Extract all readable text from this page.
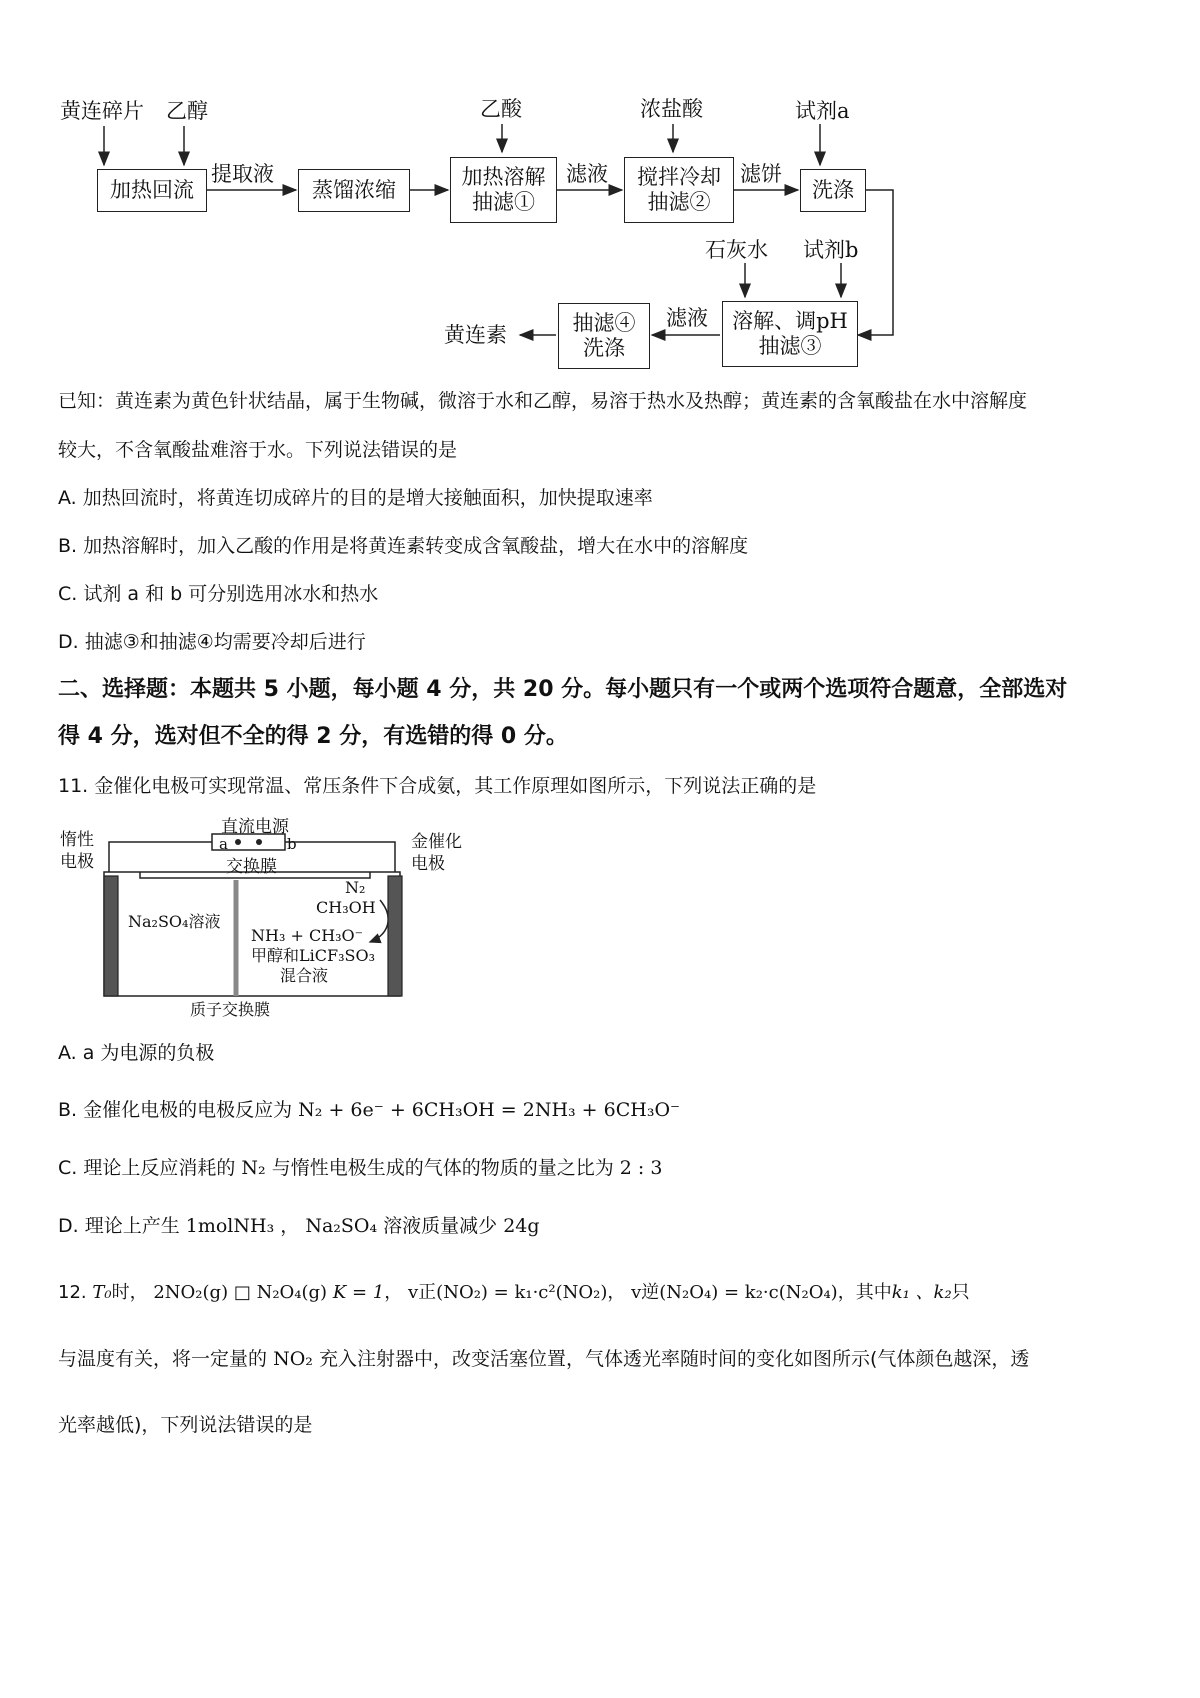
黄连碎片 乙醇	乙酸	浓盐酸	试剂a
加热回流
提取液
蒸馏浓缩
加热溶解
抽滤①
滤液 搅拌冷却
抽滤②
滤饼
洗涤
石灰水 试剂b
溶解、调pH
抽滤③
滤液
抽滤④
洗涤
黄连素
已知：黄连素为黄色针状结晶，属于生物碱，微溶于水和乙醇，易溶于热水及热醇；黄连素的含氧酸盐在水中溶解度
较大，不含氧酸盐难溶于水。下列说法错误的是
A. 加热回流时，将黄连切成碎片的目的是增大接触面积，加快提取速率
B. 加热溶解时，加入乙酸的作用是将黄连素转变成含氧酸盐，增大在水中的溶解度
C. 试剂 a 和 b 可分别选用冰水和热水
D. 抽滤③和抽滤④均需要冷却后进行
二、选择题：本题共 5 小题，每小题 4 分，共 20 分。每小题只有一个或两个选项符合题意，全部选对
得 4 分，选对但不全的得 2 分，有选错的得 0 分。
11. 金催化电极可实现常温、常压条件下合成氨，其工作原理如图所示，下列说法正确的是
直流电源
a	b
惰性
电极
金催化
电极
交换膜
Na₂SO₄溶液
N₂
CH₃OH
NH₃ + CH₃O⁻
甲醇和LiCF₃SO₃
混合液
质子交换膜
A. a 为电源的负极
B. 金催化电极的电极反应为 N₂ + 6e⁻ + 6CH₃OH = 2NH₃ + 6CH₃O⁻
C. 理论上反应消耗的 N₂ 与惰性电极生成的气体的物质的量之比为 2 : 3
D. 理论上产生 1molNH₃ ， Na₂SO₄ 溶液质量减少 24g
12. T₀时， 2NO₂(g) □ N₂O₄(g) K = 1， v正(NO₂) = k₁·c²(NO₂)， v逆(N₂O₄) = k₂·c(N₂O₄)，其中k₁ 、k₂只
与温度有关，将一定量的 NO₂ 充入注射器中，改变活塞位置，气体透光率随时间的变化如图所示(气体颜色越深，透
光率越低)，下列说法错误的是
